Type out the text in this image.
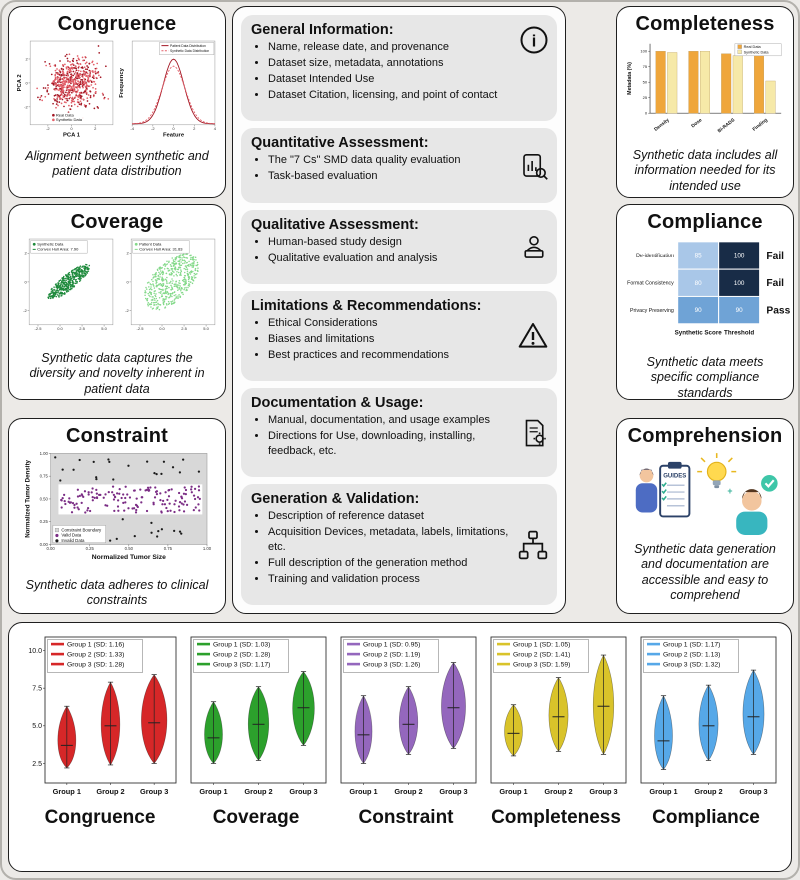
Congruence
-2	0	2
-2
0
2
Real Data
Synthetic Data
PCA 1
PCA 2
-4	-2	0	2	4
Patient Data Distribution
Synthetic Data Distribution
Feature
Frequency

Alignment between synthetic and patient data distribution

Coverage
Synthetic Data
Convex Hull Area: 7.90
-2.5	0.0	2.5	5.0
-2
0
2
Patient Data
Convex Hull Area: 31.83
-2.5	0.0	2.5	5.0
-2
0
2

Synthetic data captures the diversity and novelty inherent in patient data

Constraint
0.00
0.00
0.25
0.25
0.50
0.50
0.75
0.75
1.00
1.00
Constraint Boundary
Valid Data
Invalid Data
Normalized Tumor Size
Normalized Tumor Density

Synthetic data adheres to clinical constraints

General Information:
• Name, release date, and provenance
• Dataset size, metadata, annotations
• Dataset Intended Use
• Dataset Citation, licensing, and point of contact
i
Quantitative Assessment:
• The "7 Cs" SMD data quality evaluation
• Task-based evaluation
Qualitative Assessment:
• Human-based study design
• Qualitative evaluation and analysis
Limitations & Recommendations:
• Ethical Considerations
• Biases and limitations
• Best practices and recommendations
Documentation & Usage:
• Manual, documentation, and usage examples
• Directions for Use, downloading, installing, feedback, etc.
Generation & Validation:
• Description of reference dataset
• Acquisition Devices, metadata, labels, limitations, etc.
• Full description of the generation method
• Training and validation process
Completeness
0
25
50
75
100
Metadata (%)
Density	Dose	Bi-RADS	Finding
Real Data
Synthetic Data

Synthetic data includes all information needed for its intended use

Compliance
De-identification	85	100 Fail
Format Consistency	80	100 Fail
Privacy Preserving	90	90 Pass
Synthetic Score Threshold

Synthetic data meets specific compliance standards

Comprehension
GUIDES
+

Synthetic data generation and documentation are accessible and easy to comprehend

10.0
7.5
5.0
2.5
Group 1 Group 2 Group 3
Group 1 (SD: 1.16)
Group 2 (SD: 1.33)
Group 3 (SD: 1.28)
Congruence
Group 1 Group 2 Group 3
Group 1 (SD: 1.03)
Group 2 (SD: 1.28)
Group 3 (SD: 1.17)
Coverage
Group 1 Group 2 Group 3
Group 1 (SD: 0.95)
Group 2 (SD: 1.19)
Group 3 (SD: 1.26)
Constraint
Group 1 Group 2 Group 3
Group 1 (SD: 1.05)
Group 2 (SD: 1.41)
Group 3 (SD: 1.59)
Completeness
Group 1 Group 2 Group 3
Group 1 (SD: 1.17)
Group 2 (SD: 1.13)
Group 3 (SD: 1.32)
Compliance
